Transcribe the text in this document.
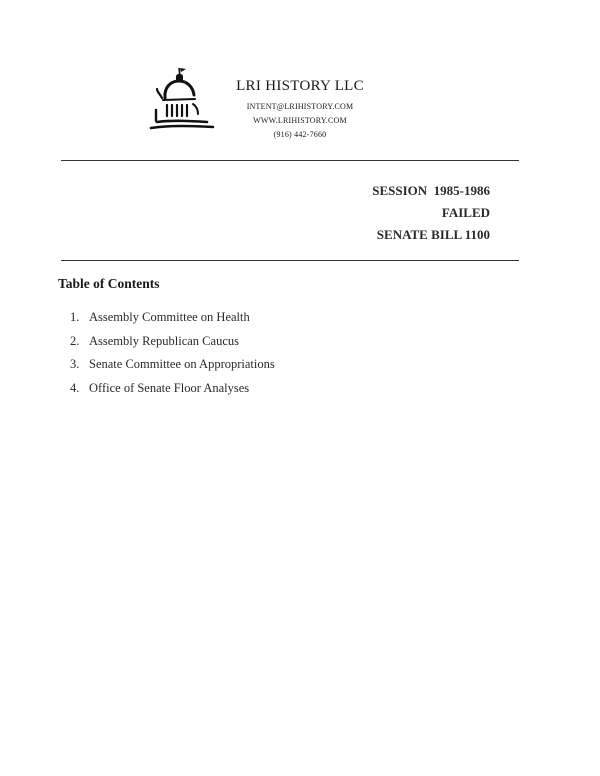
LRI HISTORY LLC
INTENT@LRIHISTORY.COM
WWW.LRIHISTORY.COM
(916) 442-7660
SESSION  1985-1986
FAILED
SENATE BILL 1100
Table of Contents
1. Assembly Committee on Health
2. Assembly Republican Caucus
3. Senate Committee on Appropriations
4. Office of Senate Floor Analyses
